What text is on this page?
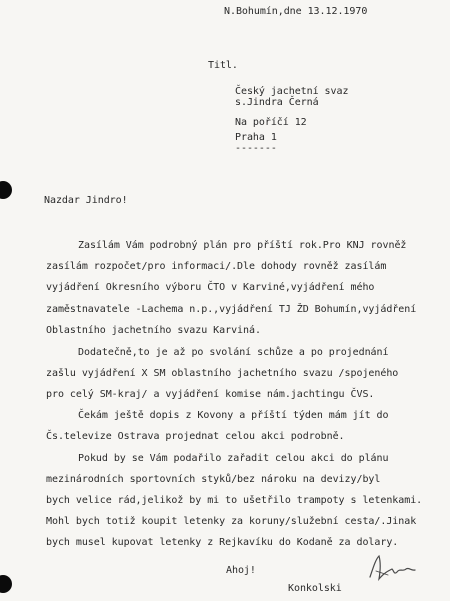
N.Bohumín,dne 13.12.1970
Titl.
Český jachetní svaz
s.Jindra Černá
Na poříčí 12
Praha 1
-------
Nazdar Jindro!
Zasílám Vám podrobný plán pro příští rok.Pro KNJ rovněž
zasílám rozpočet/pro informaci/.Dle dohody rovněž zasílám
vyjádření Okresního výboru ČTO v Karviné,vyjádření mého
zaměstnavatele -Lachema n.p.,vyjádření TJ ŽD Bohumín,vyjádření
Oblastního jachetního svazu Karviná.
Dodatečně,to je až po svolání schůze a po projednání
zašlu vyjádření X SM oblastního jachetního svazu /spojeného
pro celý SM-kraj/ a vyjádření komise nám.jachtingu ČVS.
Čekám ještě dopis z Kovony a příští týden mám jít do
Čs.televize Ostrava projednat celou akci podrobně.
Pokud by se Vám podařilo zařadit celou akci do plánu
mezinárodních sportovních styků/bez nároku na devizy/byl
bych velice rád,jelikož by mi to ušetřilo trampoty s letenkami.
Mohl bych totiž koupit letenky za koruny/služební cesta/.Jinak
bych musel kupovat letenky z Rejkavíku do Kodaně za dolary.
Ahoj!
Konkolski
